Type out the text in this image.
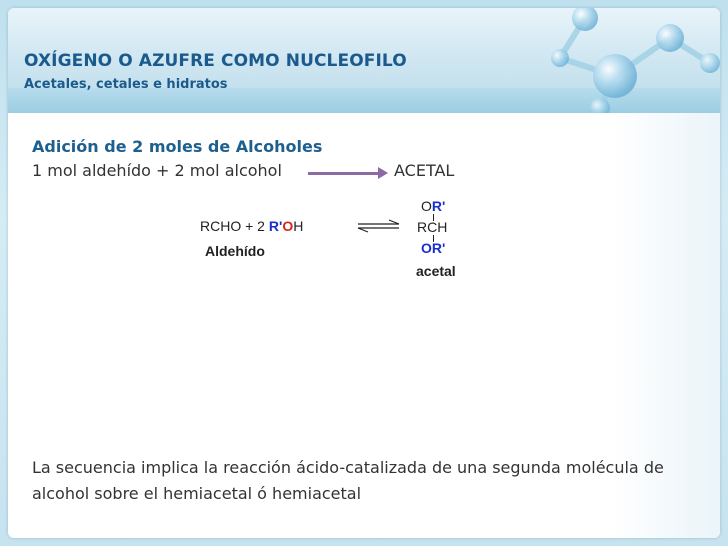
OXÍGENO O AZUFRE COMO NUCLEOFILO
Acetales, cetales e hidratos
Adición de 2 moles de Alcoholes
1 mol aldehído + 2 mol alcohol	ACETAL
RCHO + 2 R'OH
Aldehído
OR'
RCH
OR'
acetal
La secuencia implica la reacción ácido-catalizada de una segunda molécula de alcohol sobre el hemiacetal ó hemiacetal
